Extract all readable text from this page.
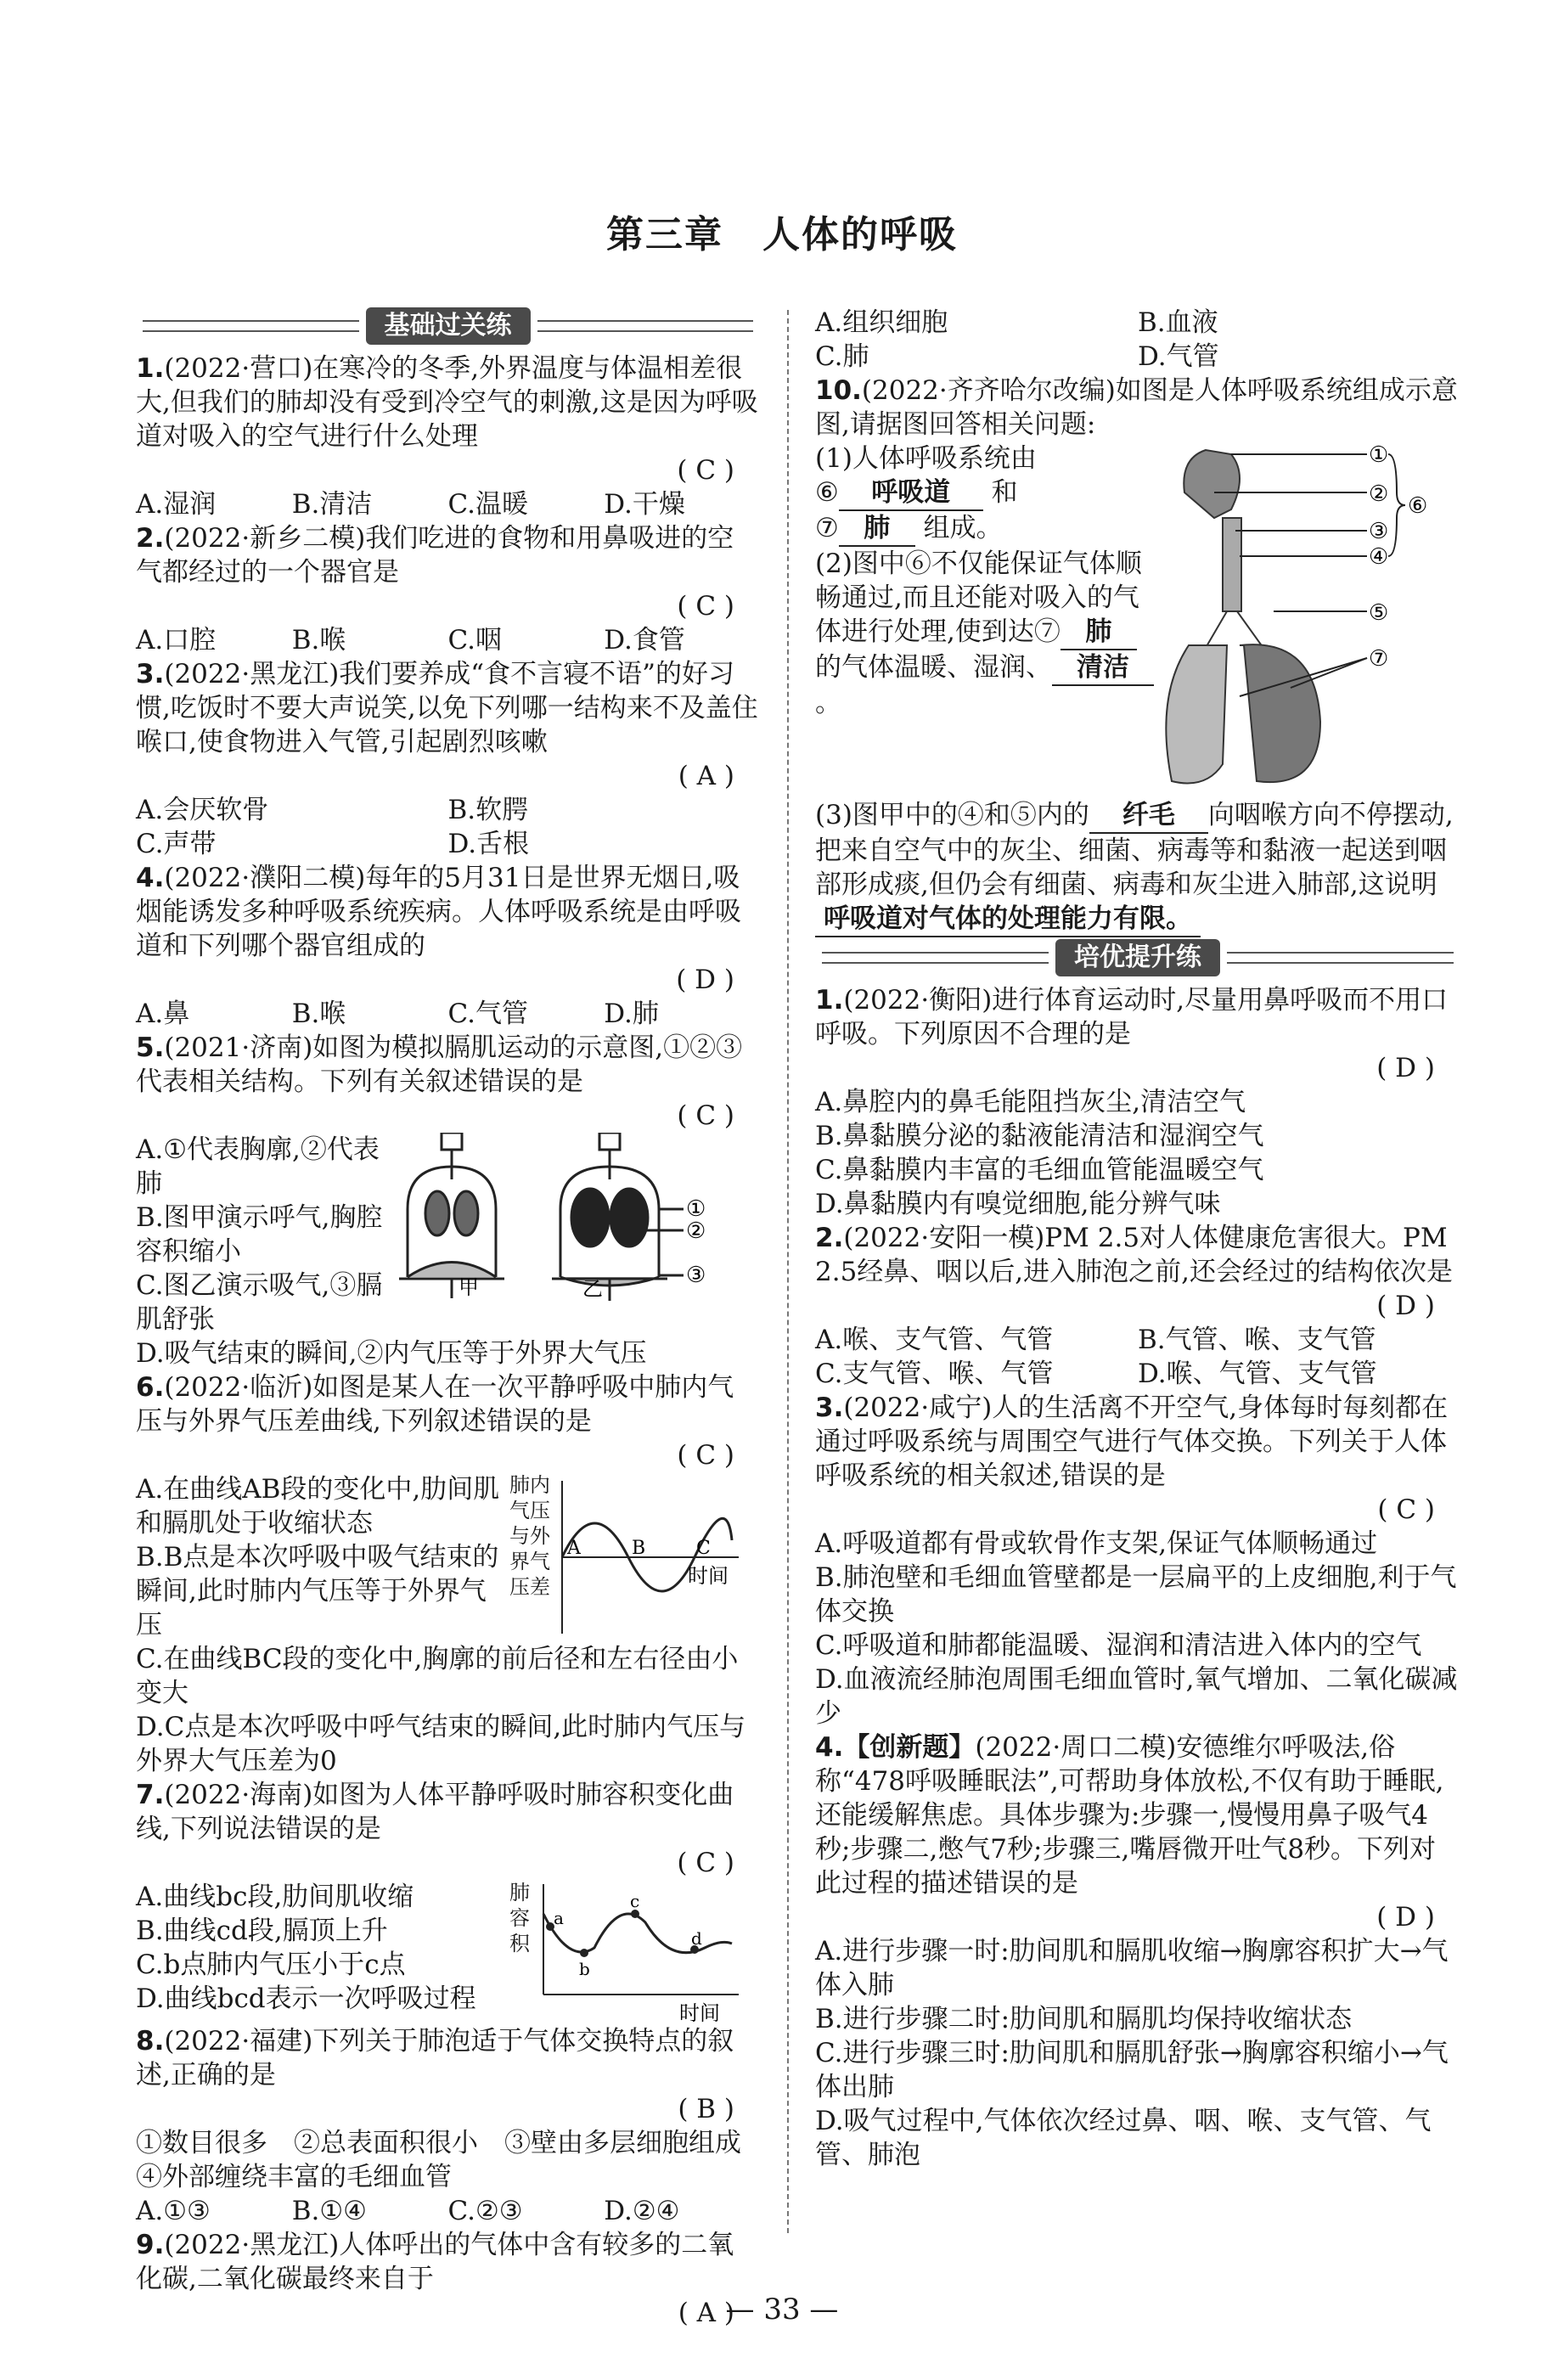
第三章　人体的呼吸
基础过关练
1.(2022·营口)在寒冷的冬季,外界温度与体温相差很大,但我们的肺却没有受到冷空气的刺激,这是因为呼吸道对吸入的空气进行什么处理
( C )
A.湿润	B.清洁	C.温暖	D.干燥
2.(2022·新乡二模)我们吃进的食物和用鼻吸进的空气都经过的一个器官是
( C )
A.口腔	B.喉	C.咽	D.食管
3.(2022·黑龙江)我们要养成“食不言寝不语”的好习惯,吃饭时不要大声说笑,以免下列哪一结构来不及盖住喉口,使食物进入气管,引起剧烈咳嗽
( A )
A.会厌软骨	B.软腭
C.声带	D.舌根
4.(2022·濮阳二模)每年的5月31日是世界无烟日,吸烟能诱发多种呼吸系统疾病。人体呼吸系统是由呼吸道和下列哪个器官组成的
( D )
A.鼻	B.喉	C.气管	D.肺
5.(2021·济南)如图为模拟膈肌运动的示意图,①②③代表相关结构。下列有关叙述错误的是
( C )
A.①代表胸廓,②代表肺
B.图甲演示呼气,胸腔容积缩小
C.图乙演示吸气,③膈肌舒张
甲	乙
①
②
③
D.吸气结束的瞬间,②内气压等于外界大气压
6.(2022·临沂)如图是某人在一次平静呼吸中肺内气压与外界气压差曲线,下列叙述错误的是
( C )
A.在曲线AB段的变化中,肋间肌和膈肌处于收缩状态
B.B点是本次呼吸中吸气结束的瞬间,此时肺内气压等于外界气压
肺内气压与外界气压差
A	B	C
时间
C.在曲线BC段的变化中,胸廓的前后径和左右径由小变大
D.C点是本次呼吸中呼气结束的瞬间,此时肺内气压与外界大气压差为0
7.(2022·海南)如图为人体平静呼吸时肺容积变化曲线,下列说法错误的是
( C )
A.曲线bc段,肋间肌收缩
B.曲线cd段,膈顶上升
C.b点肺内气压小于c点
D.曲线bcd表示一次呼吸过程
肺容积
a
b
c
d
时间
8.(2022·福建)下列关于肺泡适于气体交换特点的叙述,正确的是
( B )
①数目很多　②总表面积很小　③壁由多层细胞组成　④外部缠绕丰富的毛细血管
A.①③	B.①④	C.②③	D.②④
9.(2022·黑龙江)人体呼出的气体中含有较多的二氧化碳,二氧化碳最终来自于
( A )
A.组织细胞	B.血液
C.肺	D.气管
10.(2022·齐齐哈尔改编)如图是人体呼吸系统组成示意图,请据图回答相关问题:
(1)人体呼吸系统由
⑥ 呼吸道 和
⑦ 肺 组成。
(2)图中⑥不仅能保证气体顺畅通过,而且还能对吸入的气体进行处理,使到达⑦ 肺的气体温暖、湿润、 清洁。
①
②
③
④
⑤
⑥
⑦
(3)图甲中的④和⑤内的 纤毛 向咽喉方向不停摆动,把来自空气中的灰尘、细菌、病毒等和黏液一起送到咽部形成痰,但仍会有细菌、病毒和灰尘进入肺部,这说明呼吸道对气体的处理能力有限。
培优提升练
1.(2022·衡阳)进行体育运动时,尽量用鼻呼吸而不用口呼吸。下列原因不合理的是
( D )
A.鼻腔内的鼻毛能阻挡灰尘,清洁空气
B.鼻黏膜分泌的黏液能清洁和湿润空气
C.鼻黏膜内丰富的毛细血管能温暖空气
D.鼻黏膜内有嗅觉细胞,能分辨气味
2.(2022·安阳一模)PM 2.5对人体健康危害很大。PM 2.5经鼻、咽以后,进入肺泡之前,还会经过的结构依次是
( D )
A.喉、支气管、气管	B.气管、喉、支气管
C.支气管、喉、气管	D.喉、气管、支气管
3.(2022·咸宁)人的生活离不开空气,身体每时每刻都在通过呼吸系统与周围空气进行气体交换。下列关于人体呼吸系统的相关叙述,错误的是
( C )
A.呼吸道都有骨或软骨作支架,保证气体顺畅通过
B.肺泡壁和毛细血管壁都是一层扁平的上皮细胞,利于气体交换
C.呼吸道和肺都能温暖、湿润和清洁进入体内的空气
D.血液流经肺泡周围毛细血管时,氧气增加、二氧化碳减少
4.【创新题】(2022·周口二模)安德维尔呼吸法,俗称“478呼吸睡眠法”,可帮助身体放松,不仅有助于睡眠,还能缓解焦虑。具体步骤为:步骤一,慢慢用鼻子吸气4秒;步骤二,憋气7秒;步骤三,嘴唇微开吐气8秒。下列对此过程的描述错误的是
( D )
A.进行步骤一时:肋间肌和膈肌收缩→胸廓容积扩大→气体入肺
B.进行步骤二时:肋间肌和膈肌均保持收缩状态
C.进行步骤三时:肋间肌和膈肌舒张→胸廓容积缩小→气体出肺
D.吸气过程中,气体依次经过鼻、咽、喉、支气管、气管、肺泡
— 33 —
